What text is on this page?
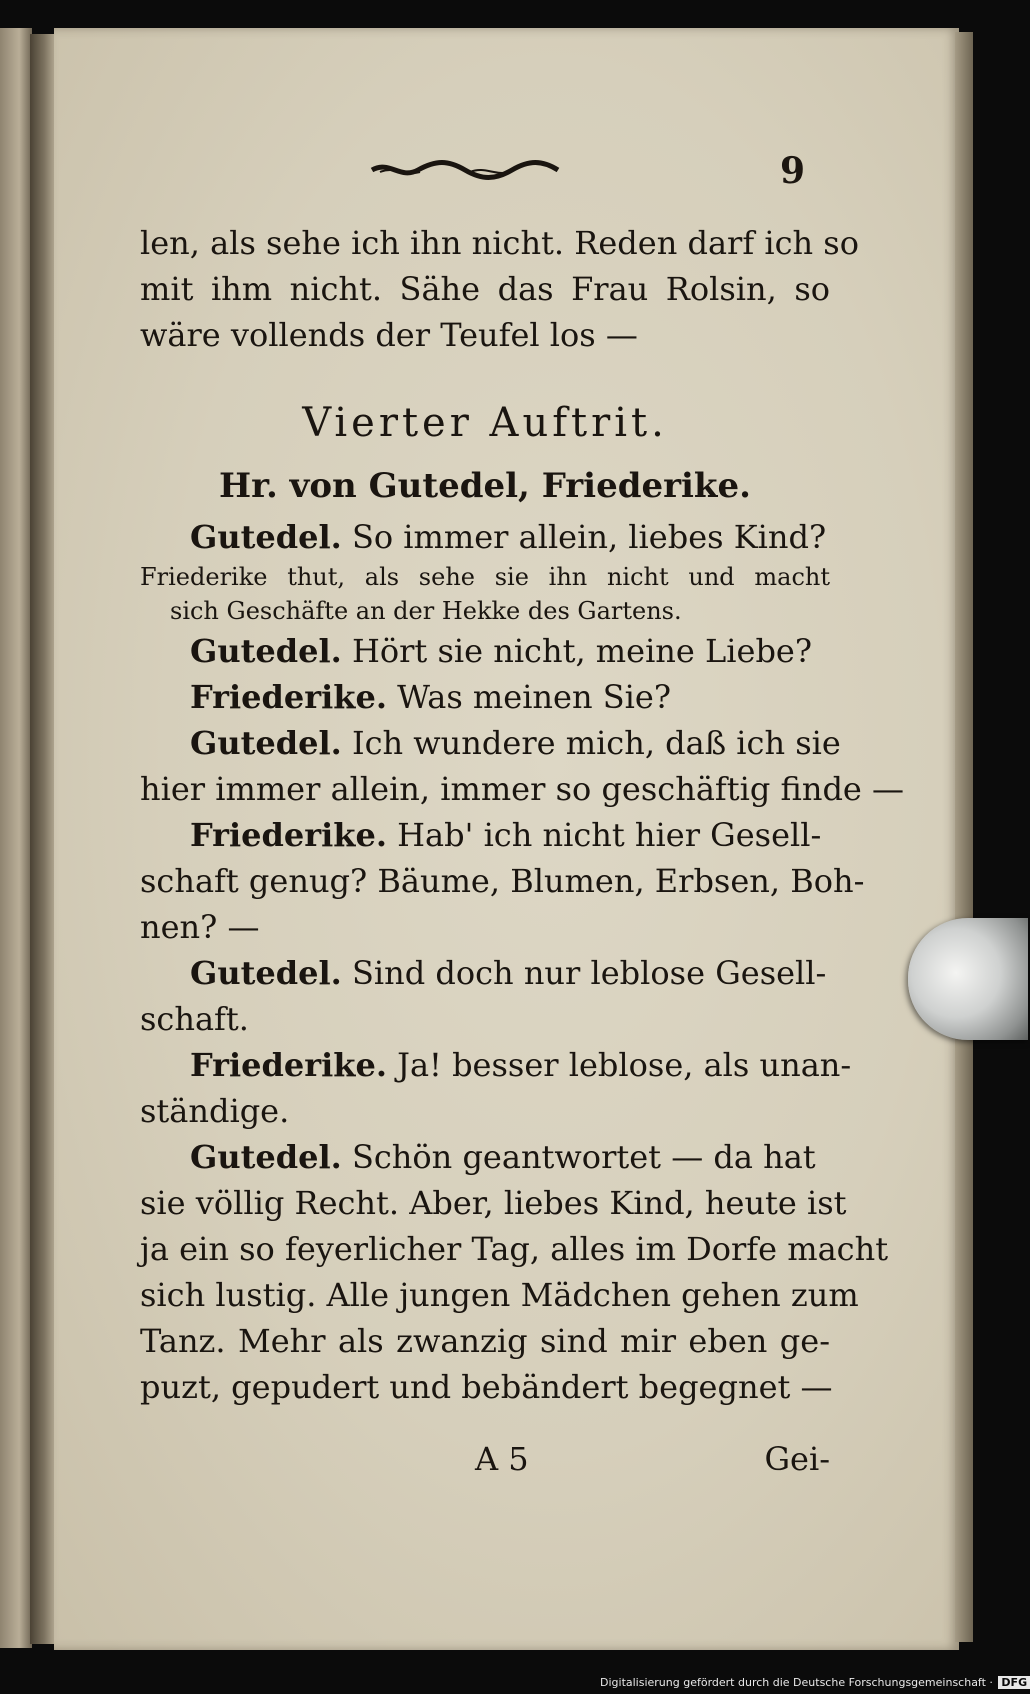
9
len, als sehe ich ihn nicht. Reden darf ich so
mit ihm nicht. Sähe das Frau Rolsin, so
wäre vollends der Teufel los —
Vierter Auftrit.
Hr. von Gutedel, Friederike.
Gutedel. So immer allein, liebes Kind?
Friederike thut, als sehe sie ihn nicht und macht
sich Geschäfte an der Hekke des Gartens.
Gutedel. Hört sie nicht, meine Liebe?
Friederike. Was meinen Sie?
Gutedel. Ich wundere mich, daß ich sie
hier immer allein, immer so geschäftig finde —
Friederike. Hab' ich nicht hier Gesell-
schaft genug? Bäume, Blumen, Erbsen, Boh-
nen? —
Gutedel. Sind doch nur leblose Gesell-
schaft.
Friederike. Ja! besser leblose, als unan-
ständige.
Gutedel. Schön geantwortet — da hat
sie völlig Recht. Aber, liebes Kind, heute ist
ja ein so feyerlicher Tag, alles im Dorfe macht
sich lustig. Alle jungen Mädchen gehen zum
Tanz. Mehr als zwanzig sind mir eben ge-
puzt, gepudert und bebändert begegnet —
A 5	Gei-
Digitalisierung gefördert durch die Deutsche Forschungsgemeinschaft · DFG
